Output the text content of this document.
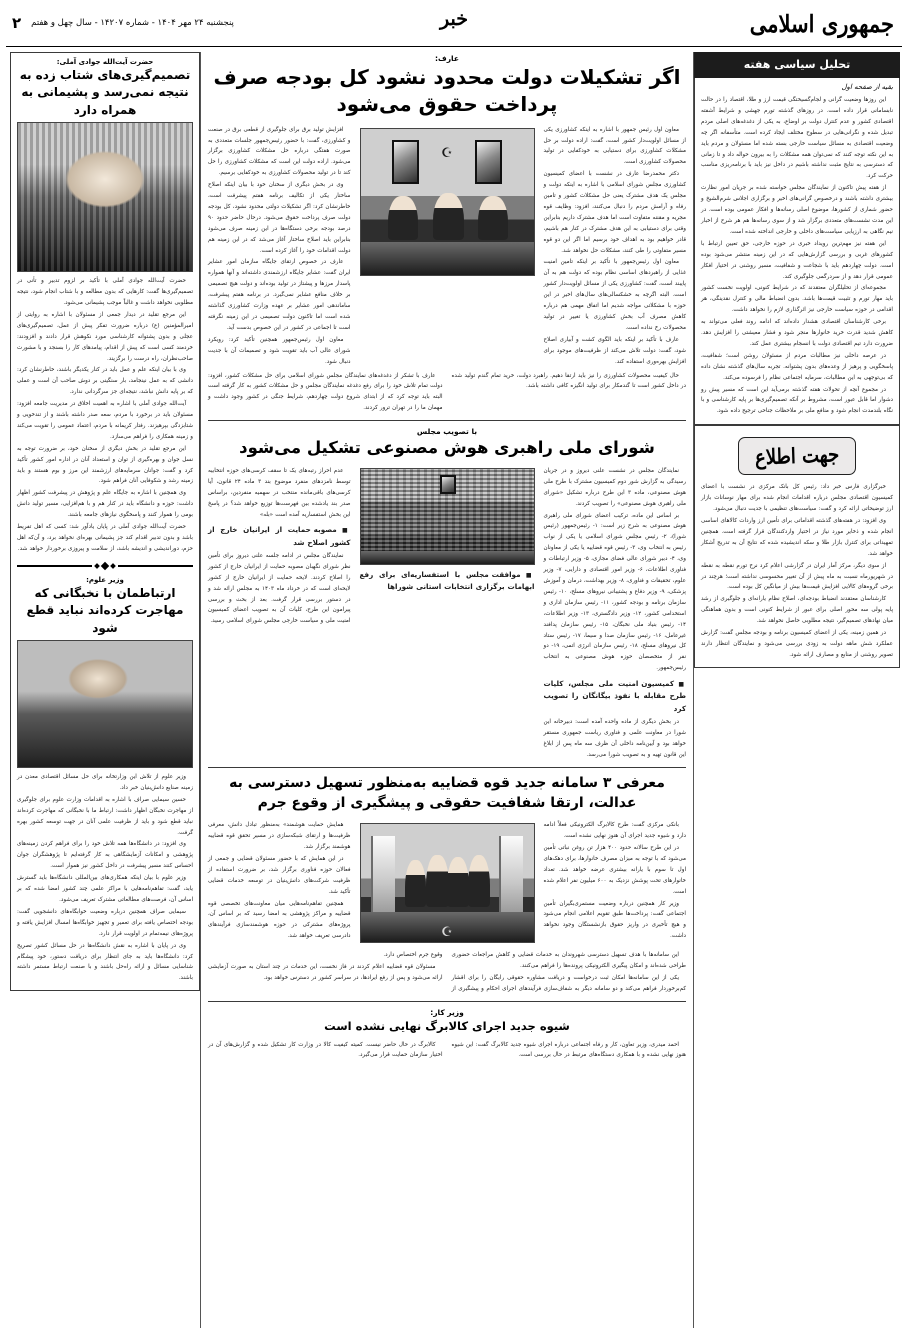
جمهوری اسلامی
خبر
پنجشنبه ۲۴ مهر ۱۴۰۴ - شماره ۱۴۲۰۷ - سال چهل و هفتم
۲
تحلیل سیاسی هفته
بقیه از صفحه اول

این روزها وضعیت گرانی و لجام‌گسیختگی قیمت ارز و طلا، اقتصاد را در حالت نابسامانی قرار داده است. در روزهای گذشته تورم جهشی و شرایط آشفته اقتصادی کشور و عدم کنترل دولت بر اوضاع، به یکی از دغدغه‌های اصلی مردم تبدیل شده و نگرانی‌هایی در سطوح مختلف ایجاد کرده است. متأسفانه اگر چه وضعیت اقتصادی به مسائل سیاست خارجی بسته شده اما مسئولان و مردم باید به این نکته توجه کنند که نمی‌توان همه مشکلات را به بیرون حواله داد و تا زمانی که دسترسی به نتایج مثبت نداشته باشیم در داخل نیز باید با برنامه‌ریزی مناسب حرکت کرد.

از هفته پیش تاکنون از نمایندگان مجلس خواسته شده بر جریان امور نظارت بیشتری داشته باشند و درخصوص گرانی‌های اخیر و برگزاری اجلاس شرم‌الشیخ و حضور شماری از کشورها، موضوع اصلی رسانه‌ها و افکار عمومی بوده است. در این مدت نشست‌های متعددی برگزار شد و از سوی رسانه‌ها هم هر شرح از اخبار نیم نگاهی به ارزیابی سیاست‌های داخلی و خارجی انداخته شده است.

این هفته نیز مهم‌ترین رویداد خبری در حوزه خارجی، حق تعیین ارتباط با کشورهای غربی و بررسی گزارش‌هایی که در این زمینه منتشر می‌شود بوده است. دولت چهاردهم باید با شجاعت و شفافیت، مسیر روشنی در اختیار افکار عمومی قرار دهد و از سردرگمی جلوگیری کند.

مجموعه‌ای از تحلیلگران معتقدند که در شرایط کنونی، اولویت نخست کشور باید مهار تورم و تثبیت قیمت‌ها باشد. بدون انضباط مالی و کنترل نقدینگی، هر اقدامی در حوزه سیاست خارجی نیز اثرگذاری لازم را نخواهد داشت.

برخی کارشناسان اقتصادی هشدار داده‌اند که ادامه روند فعلی می‌تواند به کاهش شدید قدرت خرید خانوارها منجر شود و فشار معیشتی را افزایش دهد. ضرورت دارد تیم اقتصادی دولت با انسجام بیشتری عمل کند.

در عرصه داخلی نیز مطالبات مردم از مسئولان روشن است؛ شفافیت، پاسخگویی و پرهیز از وعده‌های بدون پشتوانه. تجربه سال‌های گذشته نشان داده که بی‌توجهی به این مطالبات، سرمایه اجتماعی نظام را فرسوده می‌کند.

در مجموع آنچه از تحولات هفته گذشته برمی‌آید این است که مسیر پیش رو دشوار اما قابل عبور است، مشروط بر آنکه تصمیم‌گیری‌ها بر پایه کارشناسی و با نگاه بلندمدت انجام شود و منافع ملی بر ملاحظات جناحی ترجیح داده شود.

جهت اطلاع

خبرگزاری فارس خبر داد: رئیس کل بانک مرکزی در نشست با اعضای کمیسیون اقتصادی مجلس درباره اقدامات انجام شده برای مهار نوسانات بازار ارز توضیحاتی ارائه کرد و گفت: سیاست‌های تنظیمی با جدیت دنبال می‌شود.

وی افزود: در هفته‌های گذشته اقداماتی برای تأمین ارز واردات کالاهای اساسی انجام شده و ذخایر مورد نیاز در اختیار واردکنندگان قرار گرفته است. همچنین تمهیداتی برای کنترل بازار طلا و سکه اندیشیده شده که نتایج آن به تدریج آشکار خواهد شد.

از سوی دیگر، مرکز آمار ایران در گزارشی اعلام کرد نرخ تورم نقطه به نقطه در شهریورماه نسبت به ماه پیش از آن تغییر محسوسی نداشته است؛ هرچند در برخی گروه‌های کالایی افزایش قیمت‌ها بیش از میانگین کل بوده است.

کارشناسان معتقدند انضباط بودجه‌ای، اصلاح نظام یارانه‌ای و جلوگیری از رشد پایه پولی سه محور اصلی برای عبور از شرایط کنونی است و بدون هماهنگی میان نهادهای تصمیم‌گیر، نتیجه مطلوبی حاصل نخواهد شد.

در همین زمینه، یکی از اعضای کمیسیون برنامه و بودجه مجلس گفت: گزارش عملکرد شش ماهه دولت به زودی بررسی می‌شود و نمایندگان انتظار دارند تصویر روشنی از منابع و مصارف ارائه شود.

عارف:
اگر تشکیلات دولت محدود نشود کل بودجه صرف پرداخت حقوق می‌شود

معاون اول رئیس جمهور با اشاره به اینکه کشاورزی یکی از مسائل اولویت‌دار کشور است، گفت: اراده دولت بر حل مشکلات کشاورزی برای دستیابی به خودکفایی در تولید محصولات کشاورزی است.

دکتر محمدرضا عارف در نشست با اعضای کمیسیون کشاورزی مجلس شورای اسلامی با اشاره به اینکه دولت و مجلس یک هدف مشترک یعنی حل مشکلات کشور و تامین رفاه و آرامش مردم را دنبال می‌کنند، افزود: وظایف قوه مجریه و مقننه متفاوت است اما هدف مشترک داریم بنابراین وقتی برای دستیابی به این هدف مشترک در کنار هم باشیم، قادر خواهیم بود به اهداف خود برسیم اما اگر این دو قوه مسیر متفاوتی را طی کنند، مشکلات حل نخواهد شد.

معاون اول رئیس‌جمهور با تأکید بر اینکه تامین امنیت غذایی از راهبردهای اساسی نظام بوده که دولت هم به آن پایبند است، گفت: کشاورزی یکی از مسائل اولویت‌دار کشور است. البته اگرچه به خشکسالی‌های سال‌های اخیر در این حوزه با مشکلاتی مواجه شدیم اما اتفاق مهمی هم درباره کاهش مصرف آب بخش کشاورزی یا تغییر در تولید محصولات رخ نداده است.

عارف با تأکید بر اینکه باید الگوی کشت و آبیاری اصلاح شود، گفت: دولت تلاش می‌کند از ظرفیت‌های موجود برای افزایش بهره‌وری استفاده کند.

☪

افزایش تولید برق برای جلوگیری از قطعی برق در صنعت و کشاورزی، گفت: با حضور رئیس‌جمهور جلسات متعددی به صورت هفتگی درباره حل مشکلات کشاورزی برگزار می‌شود. اراده دولت این است که مشکلات کشاورزی را حل کند تا در تولید محصولات کشاورزی به خودکفایی برسیم.

وی در بخش دیگری از سخنان خود با بیان اینکه اصلاح ساختار یکی از تکالیف برنامه هفتم پیشرفت است، خاطرنشان کرد: اگر تشکیلات دولتی محدود نشود، کل بودجه دولت صرف پرداخت حقوق می‌شود. درحال حاضر حدود ۹۰ درصد بودجه برخی دستگاه‌ها در این زمینه صرف می‌شود بنابراین باید اصلاح ساختار آغاز می‌شد که در این زمینه هم دولت اقدامات خود را آغاز کرده است.

عارف در خصوص ارتقای جایگاه سازمان امور عشایر ایران گفت: عشایر جایگاه ارزشمندی داشته‌اند و آنها همواره پاسدار مرزها و پیشتاز در تولید بوده‌اند و دولت هیچ تصمیمی بر خلاف منافع عشایر نمی‌گیرد. در برنامه هفتم پیشرفت، ساماندهی امور عشایر بر عهده وزارت کشاورزی گذاشته شده است اما تاکنون دولت تصمیمی در این زمینه نگرفته است تا اجماعی در کشور در این خصوص بدست آید.

معاون اول رئیس‌جمهور همچنین تأکید کرد: رویکرد شورای عالی آب باید تقویت شود و تصمیمات آن با جدیت دنبال شود.

حال کیفیت محصولات کشاورزی را نیز باید ارتقا دهیم. راهبرد دولت، خرید تمام گندم تولید شده در داخل کشور است تا گندمکار برای تولید انگیزه کافی داشته باشد.

عارف با تشکر از دغدغه‌های نمایندگان مجلس شورای اسلامی برای حل مشکلات کشور، افزود: دولت تمام تلاش خود را برای رفع دغدغه نمایندگان مجلس و حل مشکلات کشور به کار گرفته است البته باید توجه کرد که از ابتدای شروع دولت چهاردهم، شرایط جنگی در کشور وجود داشت و مهمان ما را در تهران ترور کردند.

با تصویب مجلس
شورای ملی راهبری هوش مصنوعی تشکیل می‌شود

نمایندگان مجلس در نشست علنی دیروز و در جریان رسیدگی به گزارش شور دوم کمیسیون مشترک با طرح ملی هوش مصنوعی، ماده ۳ این طرح درباره تشکیل «شورای ملی راهبری هوش مصنوعی» را تصویب کردند.

بر اساس این ماده، ترکیب اعضای شورای ملی راهبری هوش مصنوعی به شرح زیر است: ۱- رئیس‌جمهور (رئیس شورا)، ۲- رئیس مجلس شورای اسلامی یا یکی از نواب رئیس به انتخاب وی، ۳- رئیس قوه قضاییه یا یکی از معاونان وی، ۴- دبیر شورای عالی فضای مجازی، ۵- وزیر ارتباطات و فناوری اطلاعات، ۶- وزیر امور اقتصادی و دارایی، ۷- وزیر علوم، تحقیقات و فناوری، ۸- وزیر بهداشت، درمان و آموزش پزشکی، ۹- وزیر دفاع و پشتیبانی نیروهای مسلح، ۱۰- رئیس سازمان برنامه و بودجه کشور، ۱۱- رئیس سازمان اداری و استخدامی کشور، ۱۲- وزیر دادگستری، ۱۳- وزیر اطلاعات، ۱۴- رئیس بنیاد ملی نخبگان، ۱۵- رئیس سازمان پدافند غیرعامل، ۱۶- رئیس سازمان صدا و سیما، ۱۷- رئیس ستاد کل نیروهای مسلح، ۱۸- رئیس سازمان انرژی اتمی، ۱۹- دو نفر از متخصصان حوزه هوش مصنوعی به انتخاب رئیس‌جمهور.

■ کمیسیون امنیت ملی مجلس، کلیات طرح مقابله با نفوذ بیگانگان را تصویب کرد

در بخش دیگری از ماده واحده آمده است: دبیرخانه این شورا در معاونت علمی و فناوری ریاست جمهوری مستقر خواهد بود و آیین‌نامه داخلی آن ظرف سه ماه پس از ابلاغ این قانون تهیه و به تصویب شورا می‌رسد.

■ موافقت مجلس با استفساریه‌ای برای رفع ابهامات برگزاری انتخابات استانی شوراها

عدم احراز رتبه‌های یک تا سقف کرسی‌های حوزه انتخابیه توسط نامزدهای منفرد موضوع بند ۳ ماده ۲۴ قانون، آیا کرسی‌های باقی‌مانده منتخب در سهمیه منفردین، براساس صدر بند یادشده بین فهرست‌ها توزیع خواهد شد؟ در پاسخ این بخش استفساریه آمده است «بله»

■ مصوبه حمایت از ایرانیان خارج از کشور اصلاح شد

نمایندگان مجلس در ادامه جلسه علنی دیروز برای تأمین نظر شورای نگهبان مصوبه حمایت از ایرانیان خارج از کشور را اصلاح کردند. لایحه حمایت از ایرانیان خارج از کشور لایحه‌ای است که در خرداد ماه ۱۴۰۳ به مجلس ارائه شد و در دستور بررسی قرار گرفت. بعد از بحث و بررسی پیرامون این طرح، کلیات آن به تصویب اعضای کمیسیون امنیت ملی و سیاست خارجی مجلس شورای اسلامی رسید.

معرفی ۳ سامانه جدید قوه قضاییه به‌منظور تسهیل دسترسی به عدالت، ارتقا شفافیت حقوقی و پیشگیری از وقوع جرم

بانکی مرکزی گفت: طرح کالابرگ الکترونیکی فعلاً ادامه دارد و شیوه جدید اجرای آن هنوز نهایی نشده است.

در این طرح سالانه حدود ۴۰۰ هزار تن روغن نباتی تأمین می‌شود که با توجه به میزان مصرف خانوارها، برای دهک‌های اول تا سوم با یارانه بیشتری عرضه خواهد شد. تعداد خانوارهای تحت پوشش نزدیک به ۶۰۰ میلیون نفر اعلام شده است.

وزیر کار همچنین درباره وضعیت مستمری‌بگیران تأمین اجتماعی گفت: پرداخت‌ها طبق تقویم اعلامی انجام می‌شود و هیچ تأخیری در واریز حقوق بازنشستگان وجود نخواهد داشت.

☪

همایش حمایت هوشمند» به‌منظور تبادل دانش، معرفی ظرفیت‌ها و ارتقای شبکه‌سازی در مسیر تحقق قوه قضاییه هوشمند برگزار شد.

در این همایش که با حضور مسئولان قضایی و جمعی از فعالان حوزه فناوری برگزار شد، بر ضرورت استفاده از ظرفیت شرکت‌های دانش‌بنیان در توسعه خدمات قضایی تأکید شد.

همچنین تفاهم‌نامه‌هایی میان معاونت‌های تخصصی قوه قضاییه و مراکز پژوهشی به امضا رسید که بر اساس آن، پروژه‌های مشترکی در حوزه هوشمندسازی فرآیندهای دادرسی تعریف خواهد شد.

این سامانه‌ها با هدف تسهیل دسترسی شهروندان به خدمات قضایی و کاهش مراجعات حضوری طراحی شده‌اند و امکان پیگیری الکترونیکی پرونده‌ها را فراهم می‌کنند.

یکی از این سامانه‌ها امکان ثبت درخواست و دریافت مشاوره حقوقی رایگان را برای اقشار کم‌برخوردار فراهم می‌کند و دو سامانه دیگر به شفاف‌سازی فرآیندهای اجرای احکام و پیشگیری از وقوع جرم اختصاص دارد.

مسئولان قوه قضاییه اعلام کردند در فاز نخست، این خدمات در چند استان به صورت آزمایشی ارائه می‌شود و پس از رفع ایرادها، در سراسر کشور در دسترس خواهد بود.

وزیر کار:
شیوه جدید اجرای کالابرگ نهایی نشده است

احمد میدری، وزیر تعاون، کار و رفاه اجتماعی درباره اجرای شیوه جدید کالابرگ گفت: این شیوه هنوز نهایی نشده و با همکاری دستگاه‌های مرتبط در حال بررسی است.

کالابرگ در حال حاضر نیست. کمیته کیفیت کالا در وزارت کار تشکیل شده و گزارش‌های آن در اختیار سازمان حمایت قرار می‌گیرد.

حضرت آیت‌الله جوادی آملی:
تصمیم‌گیری‌های شتاب زده به نتیجه نمی‌رسد و پشیمانی به همراه دارد

حضرت آیت‌الله جوادی آملی با تأکید بر لزوم تدبیر و تأنی در تصمیم‌گیری‌ها گفت: کارهایی که بدون مطالعه و با شتاب انجام شود، نتیجه مطلوبی نخواهد داشت و غالباً موجب پشیمانی می‌شود.

این مرجع تقلید در دیدار جمعی از مسئولان با اشاره به روایتی از امیرالمؤمنین (ع) درباره ضرورت تفکر پیش از عمل، تصمیم‌گیری‌های عجلی و بدون پشتوانه کارشناسی مورد نکوهش قرار دادند و افزودند: خردمند کسی است که پیش از اقدام، پیامدهای کار را بسنجد و با مشورت صاحب‌نظران، راه درست را برگزیند.

وی با بیان اینکه علم و عمل باید در کنار یکدیگر باشند، خاطرنشان کرد: دانشی که به عمل نینجامد، بار سنگینی بر دوش صاحب آن است و عملی که بر پایه دانش نباشد، نتیجه‌ای جز سرگردانی ندارد.

آیت‌الله جوادی آملی با اشاره به اهمیت اخلاق در مدیریت جامعه افزود: مسئولان باید در برخورد با مردم، سعه صدر داشته باشند و از تندخویی و شتابزدگی بپرهیزند. رفتار کریمانه با مردم، اعتماد عمومی را تقویت می‌کند و زمینه همکاری را فراهم می‌سازد.

این مرجع تقلید در بخش دیگری از سخنان خود، بر ضرورت توجه به نسل جوان و بهره‌گیری از توان و استعداد آنان در اداره امور کشور تأکید کرد و گفت: جوانان سرمایه‌های ارزشمند این مرز و بوم هستند و باید زمینه رشد و شکوفایی آنان فراهم شود.

وی همچنین با اشاره به جایگاه علم و پژوهش در پیشرفت کشور اظهار داشت: حوزه و دانشگاه باید در کنار هم و با هم‌افزایی، مسیر تولید دانش بومی را هموار کنند و پاسخگوی نیازهای جامعه باشند.

حضرت آیت‌الله جوادی آملی در پایان یادآور شد: کسی که اهل تفریط باشد و بدون تدبیر اقدام کند جز پشیمانی بهره‌ای نخواهد برد، و آن‌که اهل حزم، دوراندیشی و اندیشه باشد، از سلامت و پیروزی برخوردار خواهد شد.

وزیر علوم:
ارتباطمان با نخبگانی که مهاجرت کرده‌اند نباید قطع شود

وزیر علوم از تلاش این وزارتخانه برای حل مسائل اقتصادی معدن در زمینه صنایع دانش‌بنیان خبر داد.

حسین سیمایی صراف با اشاره به اقدامات وزارت علوم برای جلوگیری از مهاجرت نخبگان اظهار داشت: ارتباط ما با نخبگانی که مهاجرت کرده‌اند نباید قطع شود و باید از ظرفیت علمی آنان در جهت توسعه کشور بهره گرفت.

وی افزود: در دانشگاه‌ها همه تلاش خود را برای فراهم کردن زمینه‌های پژوهشی و امکانات آزمایشگاهی به کار گرفته‌ایم تا پژوهشگران جوان احساس کنند مسیر پیشرفت در داخل کشور نیز هموار است.

وزیر علوم با بیان اینکه همکاری‌های بین‌المللی دانشگاه‌ها باید گسترش یابد، گفت: تفاهم‌نامه‌هایی با مراکز علمی چند کشور امضا شده که بر اساس آن، فرصت‌های مطالعاتی مشترک تعریف می‌شود.

سیمایی صراف همچنین درباره وضعیت خوابگاه‌های دانشجویی گفت: بودجه اختصاص یافته برای تعمیر و تجهیز خوابگاه‌ها امسال افزایش یافته و پروژه‌های نیمه‌تمام در اولویت قرار دارد.

وی در پایان با اشاره به نقش دانشگاه‌ها در حل مسائل کشور تصریح کرد: دانشگاه‌ها باید به جای انتظار برای دریافت دستور، خود پیشگام شناسایی مسائل و ارائه راه‌حل باشند و با صنعت ارتباط مستمر داشته باشند.
